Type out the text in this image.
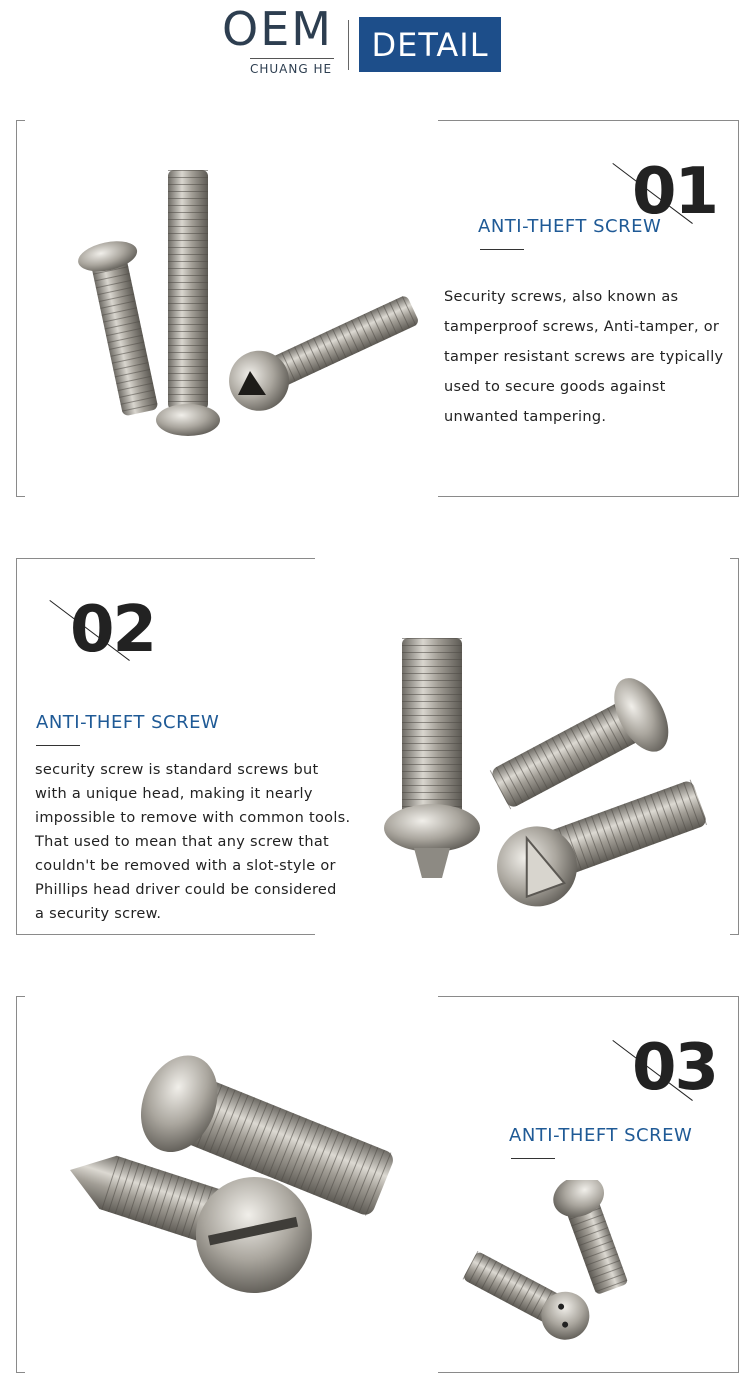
OEM
CHUANG HE
DETAIL
01
ANTI-THEFT SCREW
Security screws, also known as
tamperproof screws, Anti-tamper, or
tamper resistant screws are typically
used to secure goods against
unwanted tampering.
02
ANTI-THEFT SCREW
security screw is standard screws but
with a unique head, making it nearly
impossible to remove with common tools.
That used to mean that any screw that
couldn't be removed with a slot-style or
Phillips head driver could be considered
a security screw.
03
ANTI-THEFT SCREW
